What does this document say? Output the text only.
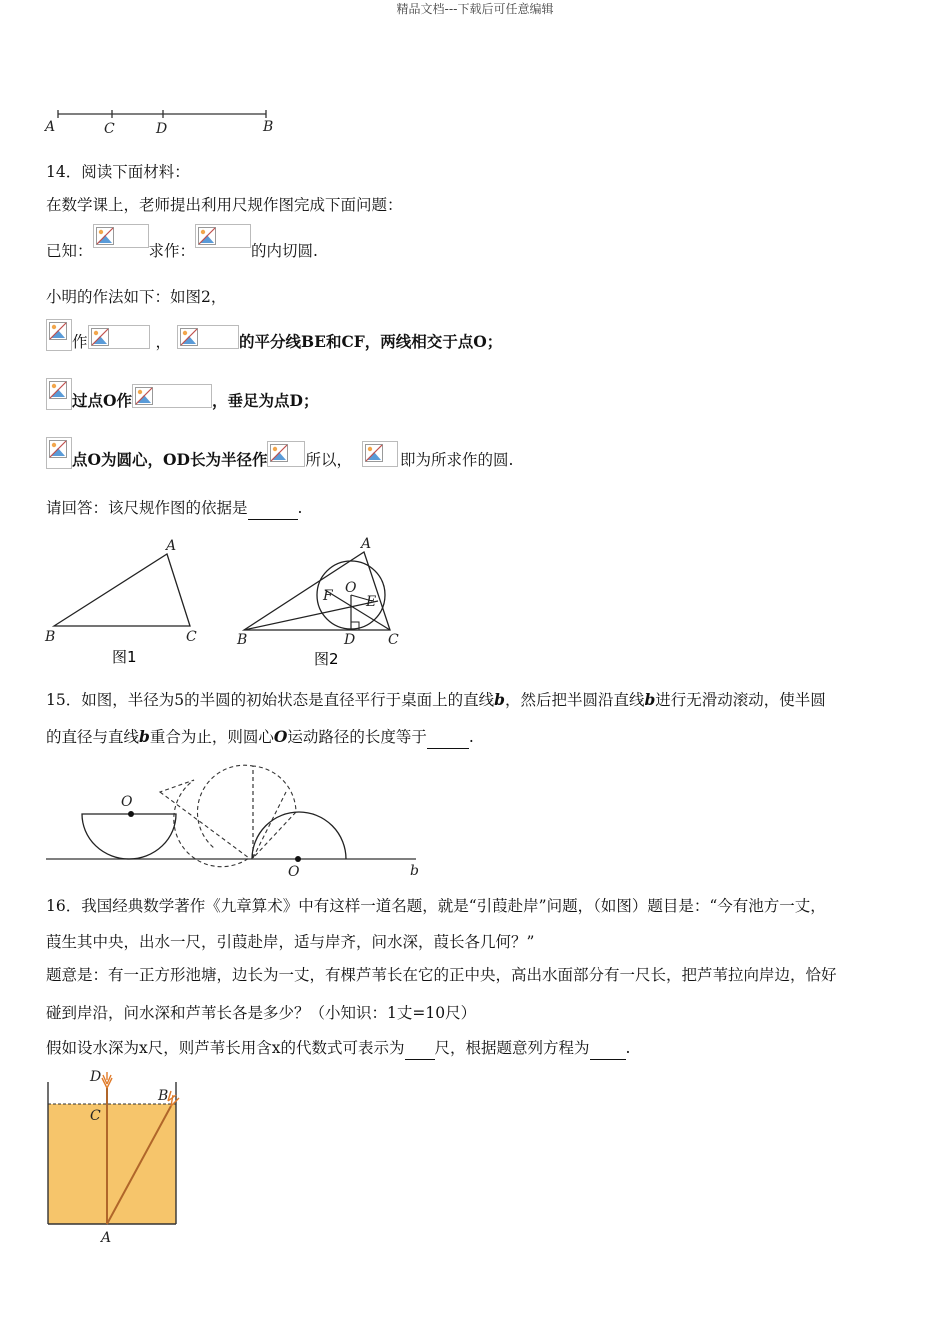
精品文档---下载后可任意编辑
A	C	D	B
14．阅读下面材料：
在数学课上，老师提出利用尺规作图完成下面问题：
已知：	求作：	的内切圆.
小明的作法如下：如图2，
作	，	的平分线BE和CF，两线相交于点O；
过点O作	，垂足为点D；
点O为圆心，OD长为半径作 所以，	即为所求作的圆.
请回答：该尺规作图的依据是	.
A
B	C
图1
A
B	C
O
F E
D
图2
15．如图，半径为5的半圆的初始状态是直径平行于桌面上的直线b，然后把半圆沿直线b进行无滑动滚动，使半圆
的直径与直线b重合为止，则圆心O运动路径的长度等于	.
O
O	b
16．我国经典数学著作《九章算术》中有这样一道名题，就是“引葭赴岸”问题，（如图）题目是：“今有池方一丈，
葭生其中央，出水一尺，引葭赴岸，适与岸齐，问水深，葭长各几何？”
题意是：有一正方形池塘，边长为一丈，有棵芦苇长在它的正中央，高出水面部分有一尺长，把芦苇拉向岸边，恰好
碰到岸沿，问水深和芦苇长各是多少？（小知识：1丈=10尺）
假如设水深为x尺，则芦苇长用含x的代数式可表示为 尺，根据题意列方程为 .
D
C
B
A
